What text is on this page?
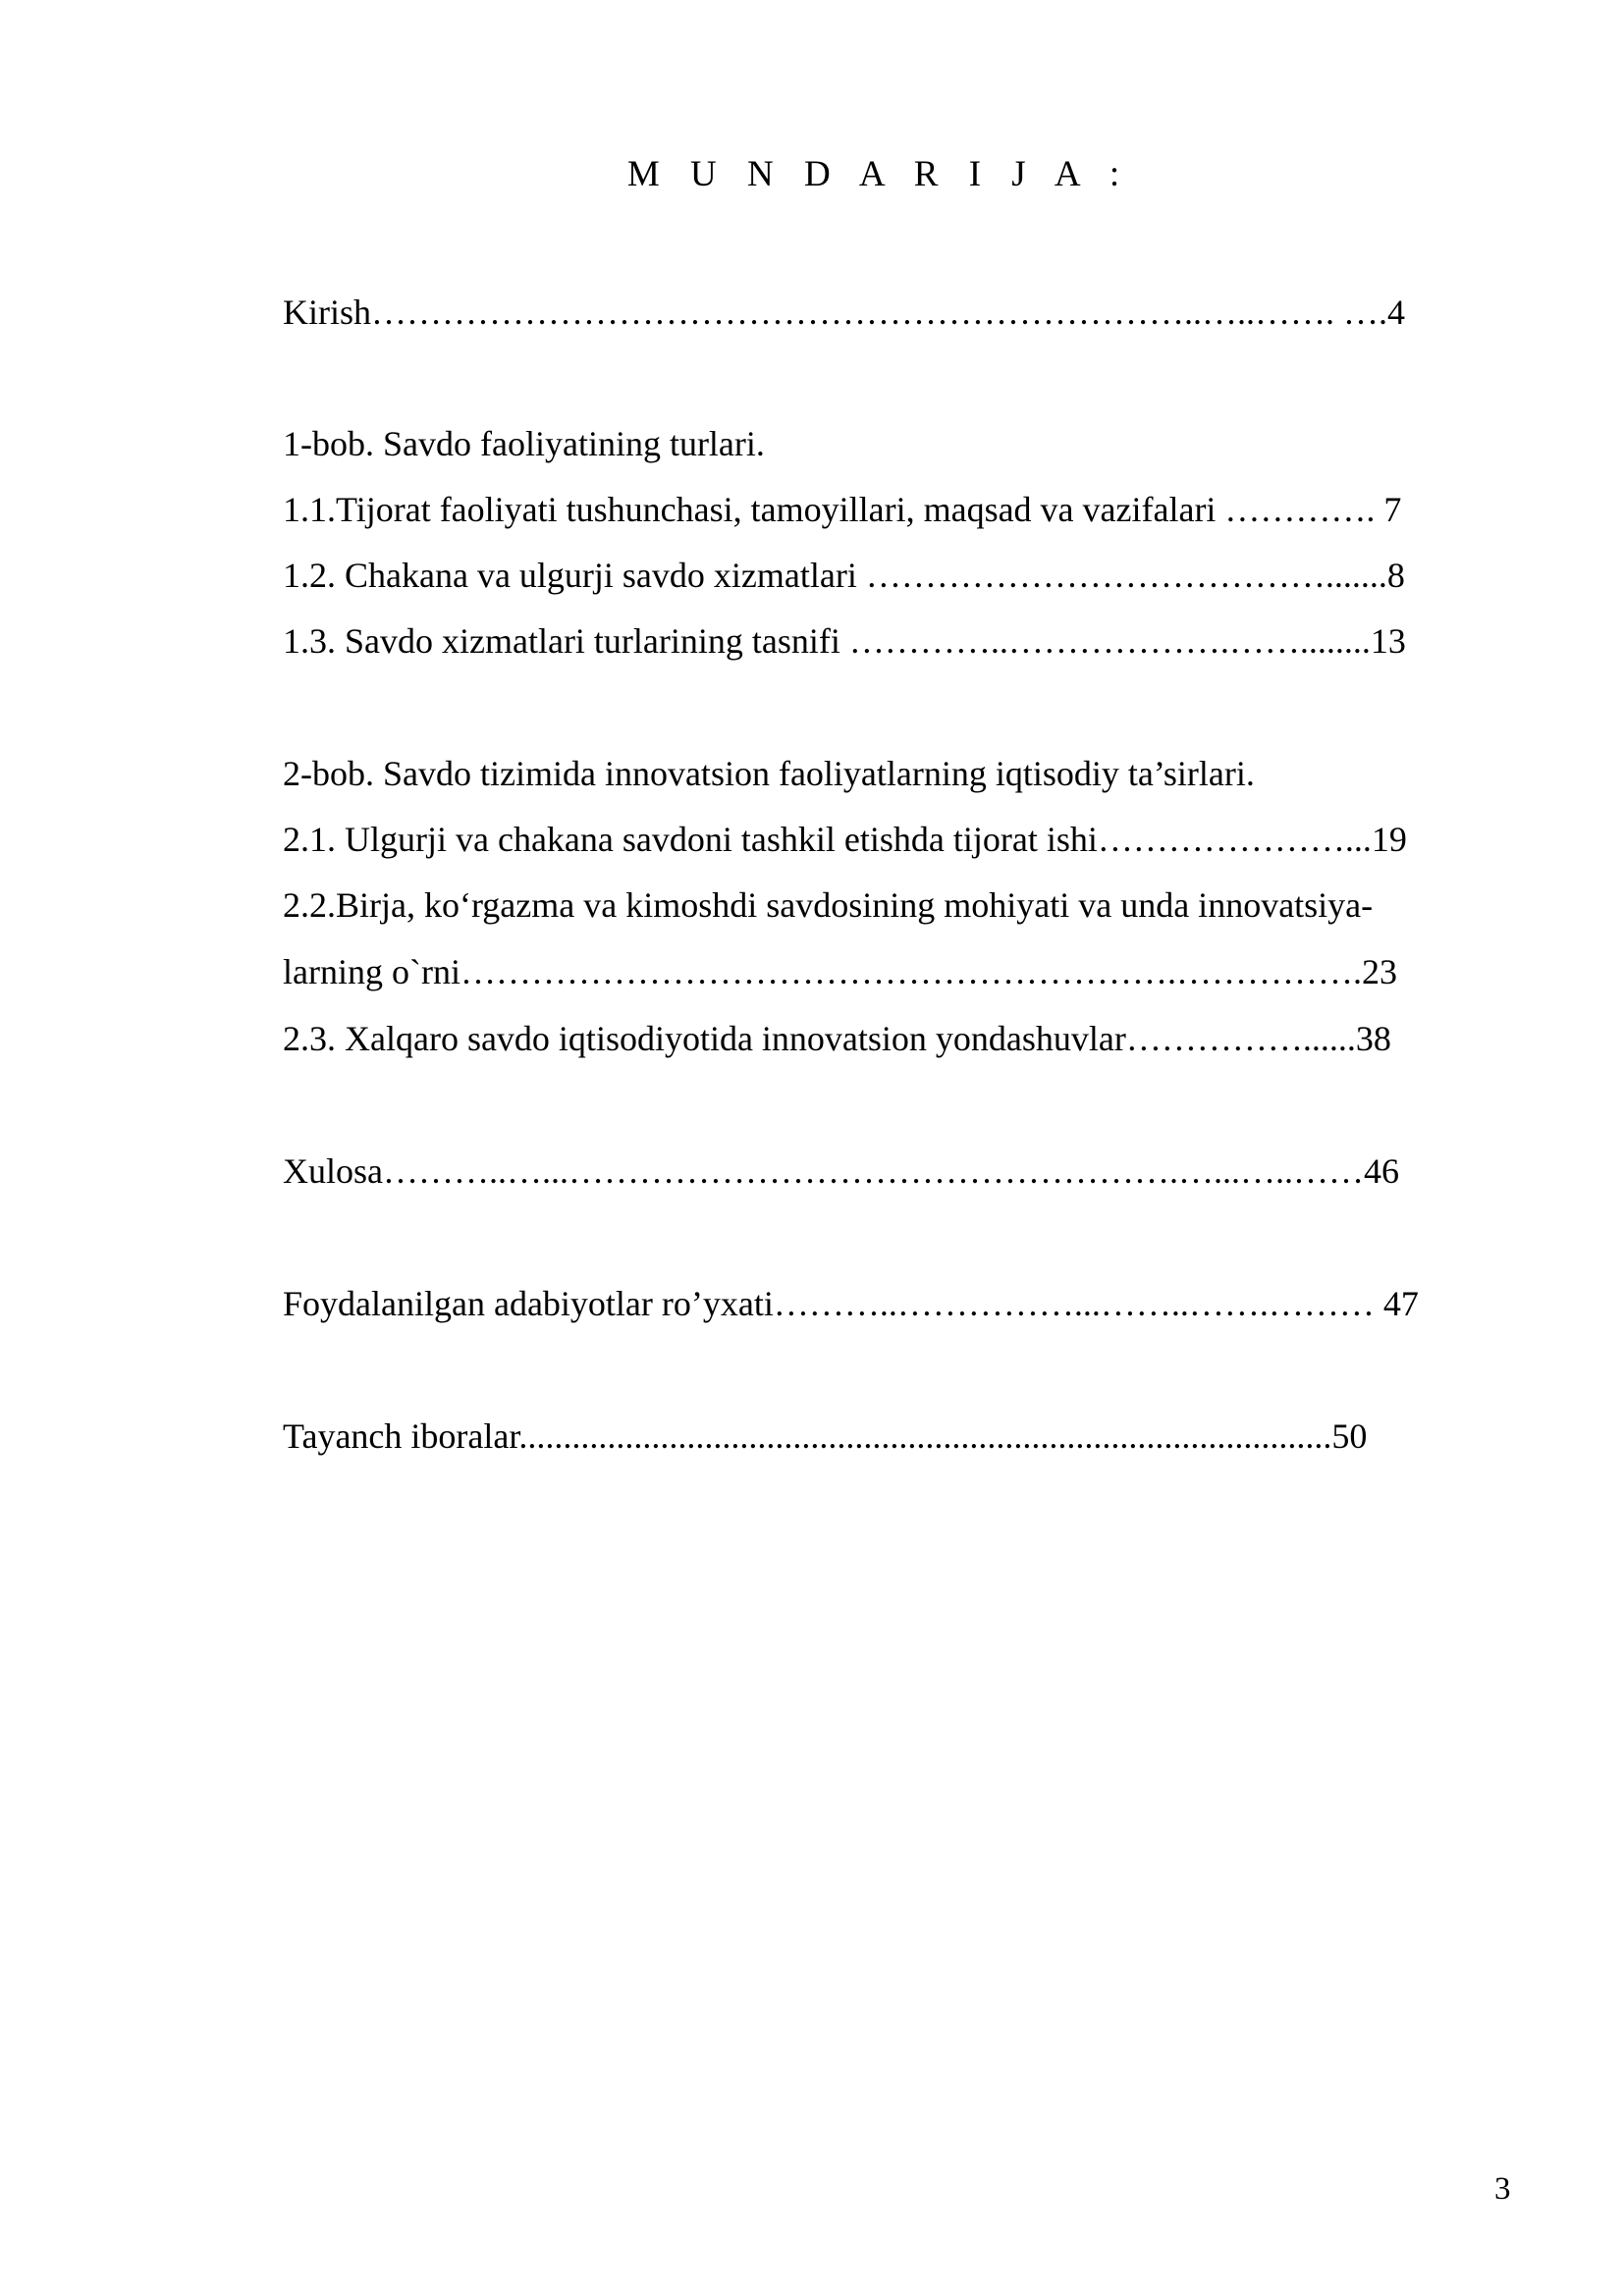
M U N D A R I J A :
Kirish……………………………………………………………..…..……. ….4
1-bob. Savdo faoliyatining turlari.
1.1.Tijorat faoliyati tushunchasi, tamoyillari, maqsad va vazifalari …………. 7
1.2. Chakana va ulgurji savdo xizmatlari ………………………………….......8
1.3. Savdo xizmatlari turlarining tasnifi …………..……………….……........13
2-bob. Savdo tizimida innovatsion faoliyatlarning iqtisodiy ta’sirlari.
2.1. Ulgurji va chakana savdoni tashkil etishda tijorat ishi…………………...19
2.2.Birja, ko‘rgazma va kimoshdi savdosining mohiyati va unda innovatsiya-
larning o`rni…………………………………………………….…………….23
2.3. Xalqaro savdo iqtisodiyotida innovatsion yondashuvlar……………......38
Xulosa………..…...…………………………………………….…...…..……46
Foydalanilgan adabiyotlar ro’yxati………..……………...……..…….……… 47
Tayanch iboralar............................................................................................50
3
